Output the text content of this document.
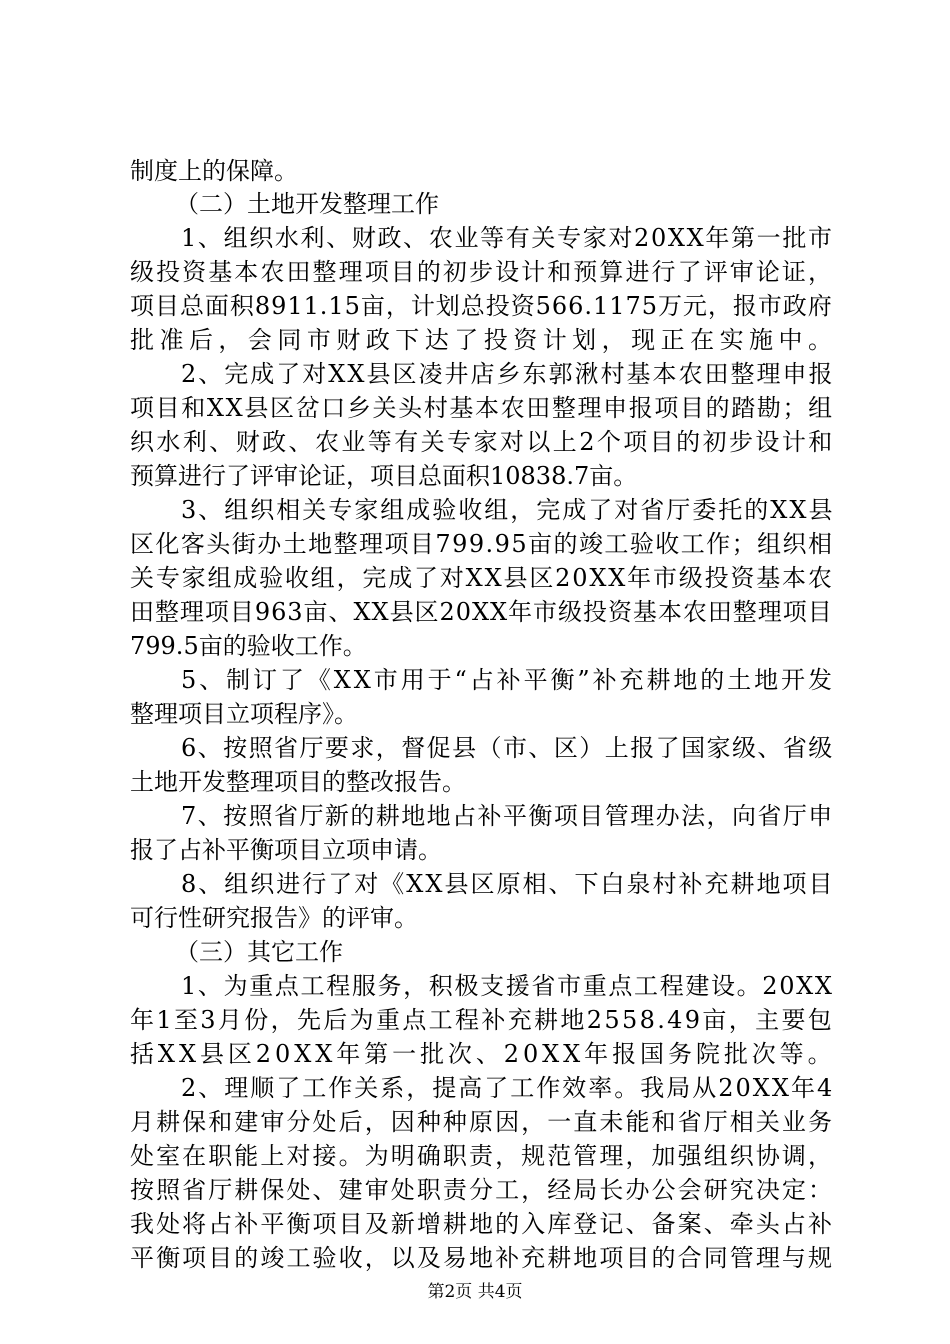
制度上的保障。
（二）土地开发整理工作
1、组织水利、财政、农业等有关专家对20XX年第一批市
级投资基本农田整理项目的初步设计和预算进行了评审论证，
项目总面积8911.15亩，计划总投资566.1175万元，报市政府
批准后，会同市财政下达了投资计划，现正在实施中。
2、完成了对XX县区凌井店乡东郭湫村基本农田整理申报
项目和XX县区岔口乡关头村基本农田整理申报项目的踏勘；组
织水利、财政、农业等有关专家对以上2个项目的初步设计和
预算进行了评审论证，项目总面积10838.7亩。
3、组织相关专家组成验收组，完成了对省厅委托的XX县
区化客头街办土地整理项目799.95亩的竣工验收工作；组织相
关专家组成验收组，完成了对XX县区20XX年市级投资基本农
田整理项目963亩、XX县区20XX年市级投资基本农田整理项目
799.5亩的验收工作。
5、制订了《XX市用于“占补平衡”补充耕地的土地开发
整理项目立项程序》。
6、按照省厅要求，督促县（市、区）上报了国家级、省级
土地开发整理项目的整改报告。
7、按照省厅新的耕地地占补平衡项目管理办法，向省厅申
报了占补平衡项目立项申请。
8、组织进行了对《XX县区原相、下白泉村补充耕地项目
可行性研究报告》的评审。
（三）其它工作
1、为重点工程服务，积极支援省市重点工程建设。20XX
年1至3月份，先后为重点工程补充耕地2558.49亩，主要包
括XX县区20XX年第一批次、20XX年报国务院批次等。
2、理顺了工作关系，提高了工作效率。我局从20XX年4
月耕保和建审分处后，因种种原因，一直未能和省厅相关业务
处室在职能上对接。为明确职责，规范管理，加强组织协调，
按照省厅耕保处、建审处职责分工，经局长办公会研究决定：
我处将占补平衡项目及新增耕地的入库登记、备案、牵头占补
平衡项目的竣工验收，以及易地补充耕地项目的合同管理与规
第2页 共4页
